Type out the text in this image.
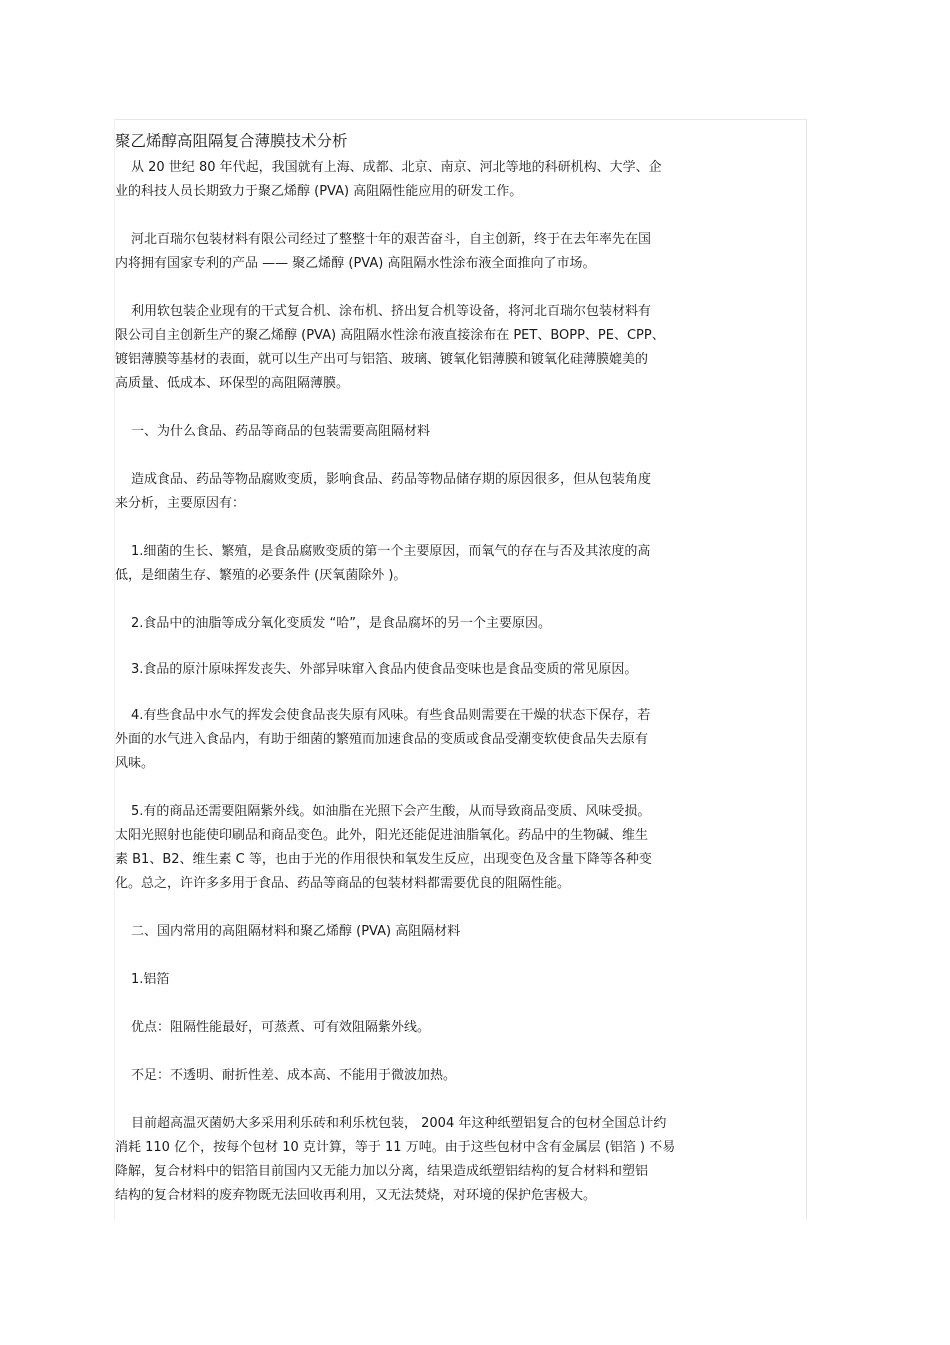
聚乙烯醇高阻隔复合薄膜技术分析
从 20 世纪 80 年代起，我国就有上海、成都、北京、南京、河北等地的科研机构、大学、企
业的科技人员长期致力于聚乙烯醇 (PVA) 高阻隔性能应用的研发工作。
河北百瑞尔包装材料有限公司经过了整整十年的艰苦奋斗，自主创新，终于在去年率先在国
内将拥有国家专利的产品 —— 聚乙烯醇 (PVA) 高阻隔水性涂布液全面推向了市场。
利用软包装企业现有的干式复合机、涂布机、挤出复合机等设备，将河北百瑞尔包装材料有
限公司自主创新生产的聚乙烯醇 (PVA) 高阻隔水性涂布液直接涂布在 PET、BOPP、PE、CPP、
镀铝薄膜等基材的表面，就可以生产出可与铝箔、玻璃、镀氧化铝薄膜和镀氧化硅薄膜媲美的
高质量、低成本、环保型的高阻隔薄膜。
一、为什么食品、药品等商品的包装需要高阻隔材料
造成食品、药品等物品腐败变质，影响食品、药品等物品储存期的原因很多，但从包装角度
来分析，主要原因有：
1.细菌的生长、繁殖，是食品腐败变质的第一个主要原因，而氧气的存在与否及其浓度的高
低，是细菌生存、繁殖的必要条件 (厌氧菌除外 )。
2.食品中的油脂等成分氧化变质发 “哈”，是食品腐坏的另一个主要原因。
3.食品的原汁原味挥发丧失、外部异味窜入食品内使食品变味也是食品变质的常见原因。
4.有些食品中水气的挥发会使食品丧失原有风味。有些食品则需要在干燥的状态下保存，若
外面的水气进入食品内，有助于细菌的繁殖而加速食品的变质或食品受潮变软使食品失去原有
风味。
5.有的商品还需要阻隔紫外线。如油脂在光照下会产生酸，从而导致商品变质、风味受损。
太阳光照射也能使印刷品和商品变色。此外，阳光还能促进油脂氧化。药品中的生物碱、维生
素 B1、B2、维生素 C 等，也由于光的作用很快和氧发生反应，出现变色及含量下降等各种变
化。总之，许许多多用于食品、药品等商品的包装材料都需要优良的阻隔性能。
二、国内常用的高阻隔材料和聚乙烯醇 (PVA) 高阻隔材料
1.铝箔
优点：阻隔性能最好，可蒸煮、可有效阻隔紫外线。
不足：不透明、耐折性差、成本高、不能用于微波加热。
目前超高温灭菌奶大多采用利乐砖和利乐枕包装， 2004 年这种纸塑铝复合的包材全国总计约
消耗 110 亿个，按每个包材 10 克计算，等于 11 万吨。由于这些包材中含有金属层 (铝箔 ) 不易
降解，复合材料中的铝箔目前国内又无能力加以分离，结果造成纸塑铝结构的复合材料和塑铝
结构的复合材料的废弃物既无法回收再利用，又无法焚烧，对环境的保护危害极大。
